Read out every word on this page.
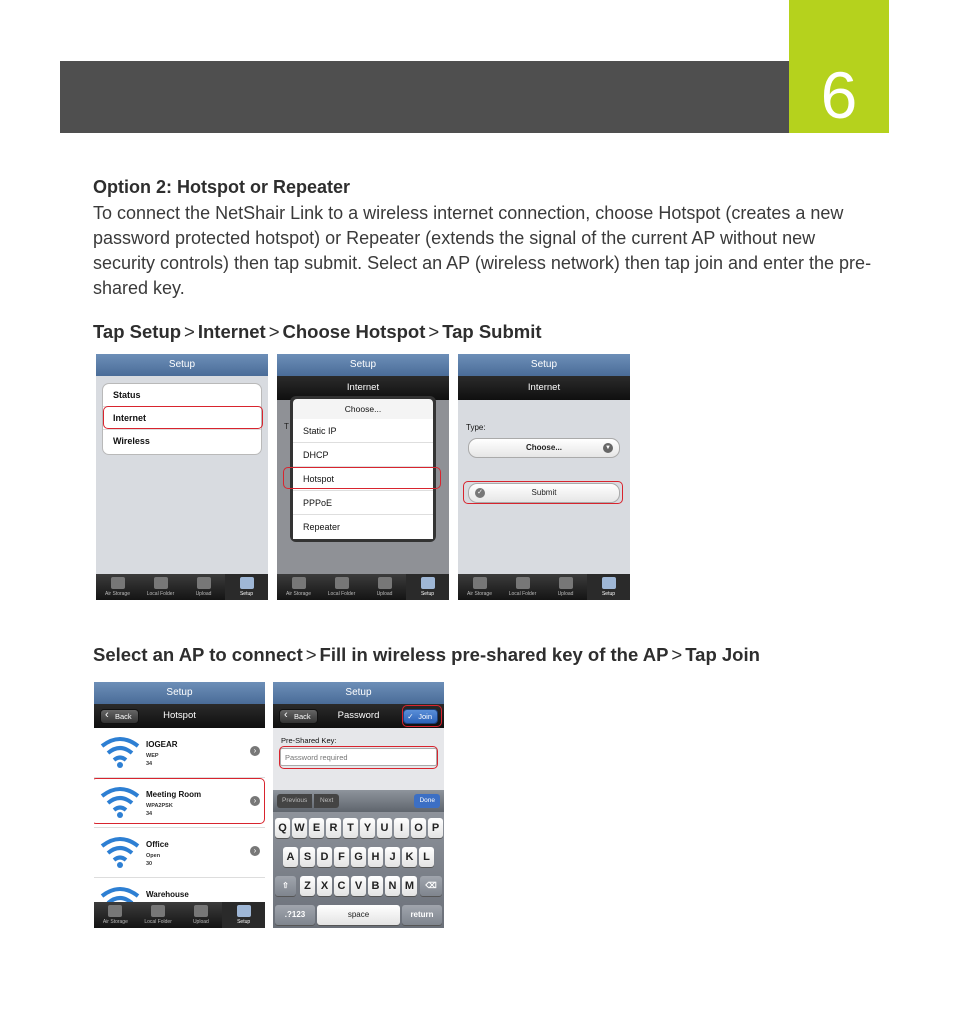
6
Option 2: Hotspot or Repeater
To connect the NetShair Link to a wireless internet connection, choose Hotspot (creates a new password protected hotspot) or Repeater (extends the signal of the current AP without new security controls) then tap submit. Select an AP (wireless network) then tap join and enter the pre-shared key.
Tap Setup > Internet > Choose Hotspot > Tap Submit
Setup
Status
Internet
Wireless
Air Storage	Local Folder	Upload	Setup
Setup
Internet
T
Choose...
Static IP
DHCP
Hotspot
PPPoE
Repeater
Air Storage	Local Folder	Upload	Setup
Setup
Internet
Type:
Choose...	▼
✓	Submit
Air Storage	Local Folder	Upload	Setup
Select an AP to connect > Fill in wireless pre-shared key of the AP > Tap Join
Setup
‹ Back	Hotspot
IOGEAR
WEP
34
›
Meeting Room
WPA2PSK
34
›
Office
Open
30
›
Warehouse
Air Storage	Local Folder	Upload	Setup
Setup
‹ Back	Password	✓ Join
Pre-Shared Key:
Password required
Previous	Next	Done
Q W E R T Y U	I	O P
A S D F G H J K L
⇧	Z X C V B N M	⌫
.?123	space	return
